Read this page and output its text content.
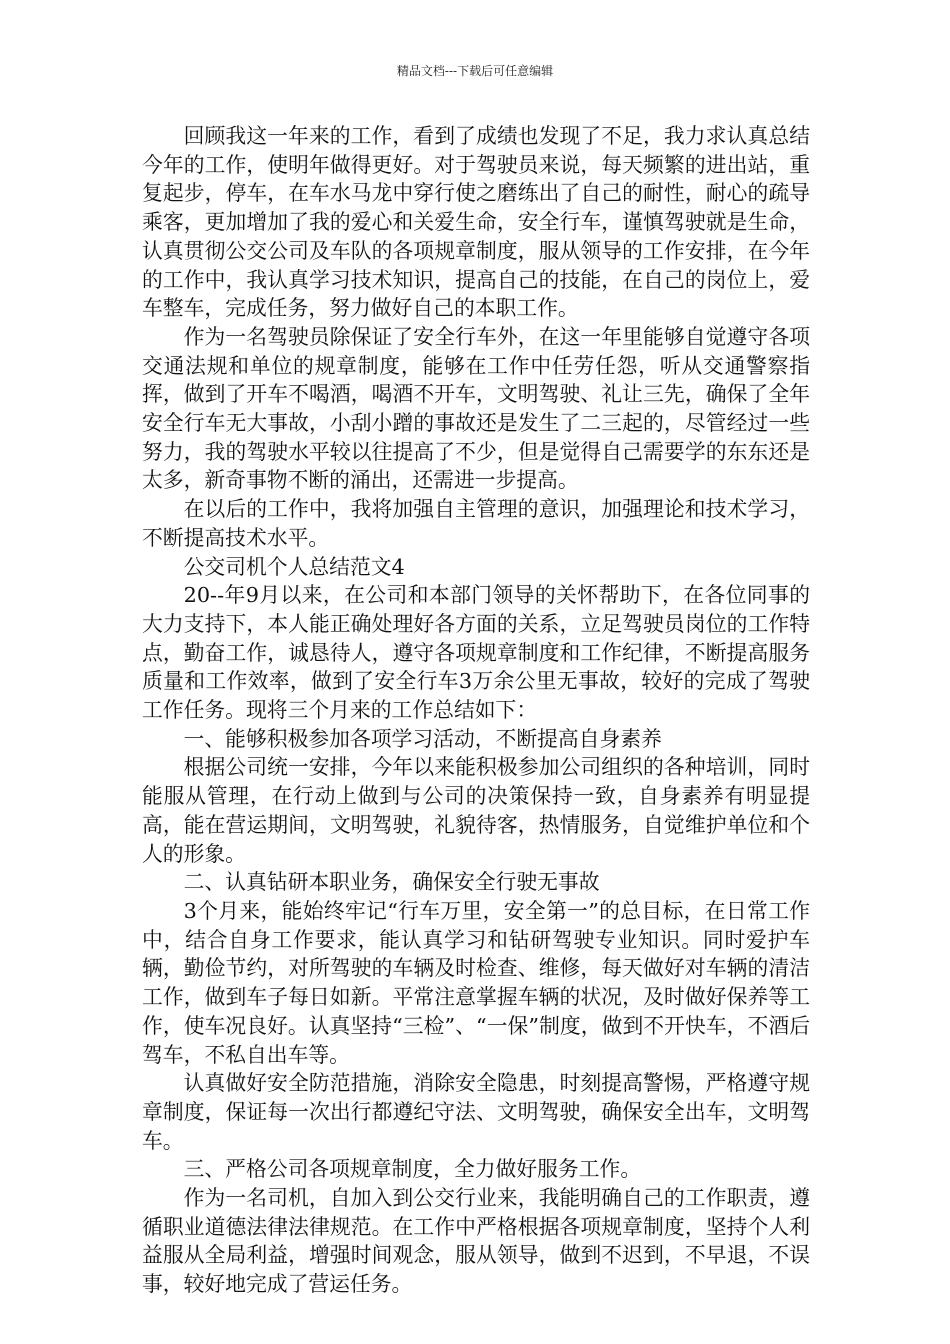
精品文档---下载后可任意编辑

回顾我这一年来的工作，看到了成绩也发现了不足，我力求认真总结今年的工作，使明年做得更好。对于驾驶员来说，每天频繁的进出站，重复起步，停车，在车水马龙中穿行使之磨练出了自己的耐性，耐心的疏导乘客，更加增加了我的爱心和关爱生命，安全行车，谨慎驾驶就是生命，认真贯彻公交公司及车队的各项规章制度，服从领导的工作安排，在今年的工作中，我认真学习技术知识，提高自己的技能，在自己的岗位上，爱车整车，完成任务，努力做好自己的本职工作。

作为一名驾驶员除保证了安全行车外，在这一年里能够自觉遵守各项交通法规和单位的规章制度，能够在工作中任劳任怨，听从交通警察指挥，做到了开车不喝酒，喝酒不开车，文明驾驶、礼让三先，确保了全年安全行车无大事故，小刮小蹭的事故还是发生了二三起的，尽管经过一些努力，我的驾驶水平较以往提高了不少，但是觉得自己需要学的东东还是太多，新奇事物不断的涌出，还需进一步提高。

在以后的工作中，我将加强自主管理的意识，加强理论和技术学习，不断提高技术水平。

公交司机个人总结范文4

20--年9月以来，在公司和本部门领导的关怀帮助下，在各位同事的大力支持下，本人能正确处理好各方面的关系，立足驾驶员岗位的工作特点，勤奋工作，诚恳待人，遵守各项规章制度和工作纪律，不断提高服务质量和工作效率，做到了安全行车3万余公里无事故，较好的完成了驾驶工作任务。现将三个月来的工作总结如下：

一、能够积极参加各项学习活动，不断提高自身素养

根据公司统一安排，今年以来能积极参加公司组织的各种培训，同时能服从管理，在行动上做到与公司的决策保持一致，自身素养有明显提高，能在营运期间，文明驾驶，礼貌待客，热情服务，自觉维护单位和个人的形象。

二、认真钻研本职业务，确保安全行驶无事故

3个月来，能始终牢记“行车万里，安全第一”的总目标，在日常工作中，结合自身工作要求，能认真学习和钻研驾驶专业知识。同时爱护车辆，勤俭节约，对所驾驶的车辆及时检查、维修，每天做好对车辆的清洁工作，做到车子每日如新。平常注意掌握车辆的状况，及时做好保养等工作，使车况良好。认真坚持“三检”、“一保”制度，做到不开快车，不酒后驾车，不私自出车等。

认真做好安全防范措施，消除安全隐患，时刻提高警惕，严格遵守规章制度，保证每一次出行都遵纪守法、文明驾驶，确保安全出车，文明驾车。

三、严格公司各项规章制度，全力做好服务工作。

作为一名司机，自加入到公交行业来，我能明确自己的工作职责，遵循职业道德法律法律规范。在工作中严格根据各项规章制度，坚持个人利益服从全局利益，增强时间观念，服从领导，做到不迟到，不早退，不误事，较好地完成了营运任务。
